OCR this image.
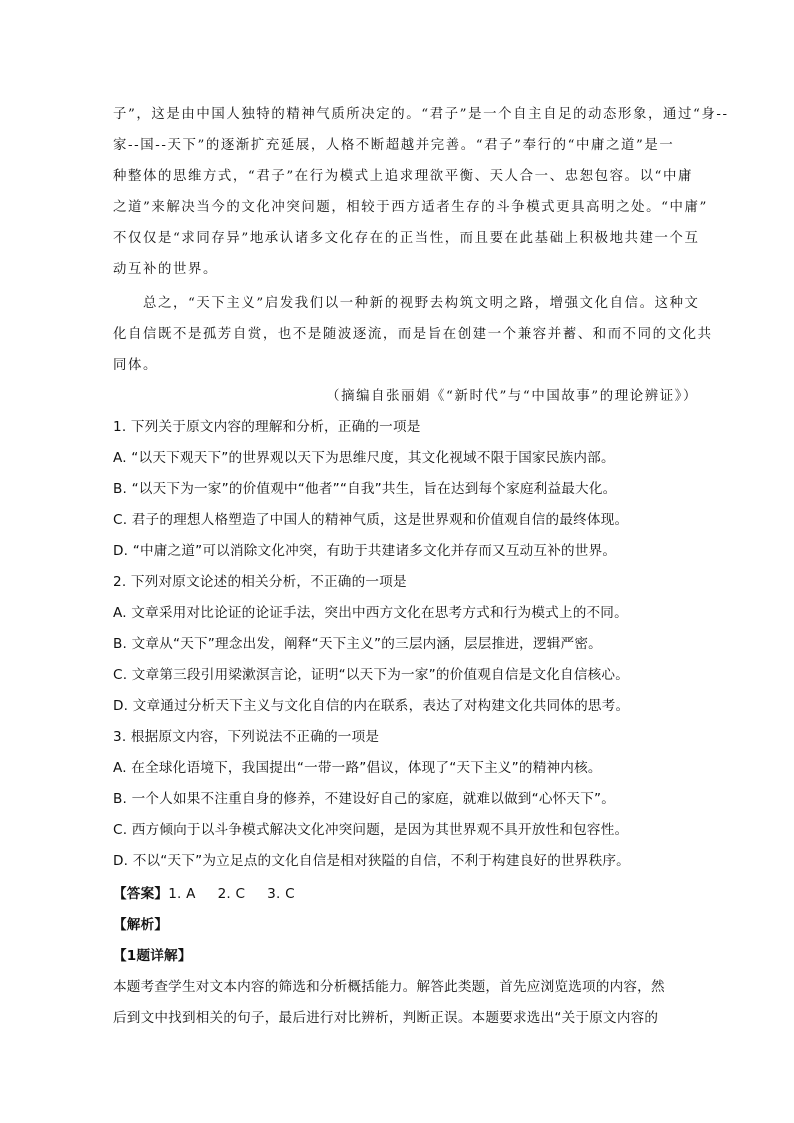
子”，这是由中国人独特的精神气质所决定的。“君子”是一个自主自足的动态形象，通过“身--
家--国--天下”的逐渐扩充延展，人格不断超越并完善。“君子”奉行的“中庸之道”是一
种整体的思维方式，“君子”在行为模式上追求理欲平衡、天人合一、忠恕包容。以“中庸
之道”来解决当今的文化冲突问题，相较于西方适者生存的斗争模式更具高明之处。“中庸”
不仅仅是“求同存异”地承认诸多文化存在的正当性，而且要在此基础上积极地共建一个互
动互补的世界。
总之，“天下主义”启发我们以一种新的视野去构筑文明之路，增强文化自信。这种文
化自信既不是孤芳自赏，也不是随波逐流，而是旨在创建一个兼容并蓄、和而不同的文化共
同体。
（摘编自张丽娟《“新时代”与“中国故事”的理论辨证》）
1. 下列关于原文内容的理解和分析，正确的一项是
A. “以天下观天下”的世界观以天下为思维尺度，其文化视域不限于国家民族内部。
B. “以天下为一家”的价值观中“他者”“自我”共生，旨在达到每个家庭利益最大化。
C. 君子的理想人格塑造了中国人的精神气质，这是世界观和价值观自信的最终体现。
D. “中庸之道”可以消除文化冲突，有助于共建诸多文化并存而又互动互补的世界。
2. 下列对原文论述的相关分析，不正确的一项是
A. 文章采用对比论证的论证手法，突出中西方文化在思考方式和行为模式上的不同。
B. 文章从“天下”理念出发，阐释“天下主义”的三层内涵，层层推进，逻辑严密。
C. 文章第三段引用梁漱溟言论，证明“以天下为一家”的价值观自信是文化自信核心。
D. 文章通过分析天下主义与文化自信的内在联系，表达了对构建文化共同体的思考。
3. 根据原文内容，下列说法不正确的一项是
A. 在全球化语境下，我国提出“一带一路”倡议，体现了“天下主义”的精神内核。
B. 一个人如果不注重自身的修养，不建设好自己的家庭，就难以做到“心怀天下”。
C. 西方倾向于以斗争模式解决文化冲突问题，是因为其世界观不具开放性和包容性。
D. 不以“天下”为立足点的文化自信是相对狭隘的自信，不利于构建良好的世界秩序。
【答案】1. A 2. C 3. C
【解析】
【1题详解】
本题考查学生对文本内容的筛选和分析概括能力。解答此类题，首先应浏览选项的内容，然
后到文中找到相关的句子，最后进行对比辨析，判断正误。本题要求选出“关于原文内容的
